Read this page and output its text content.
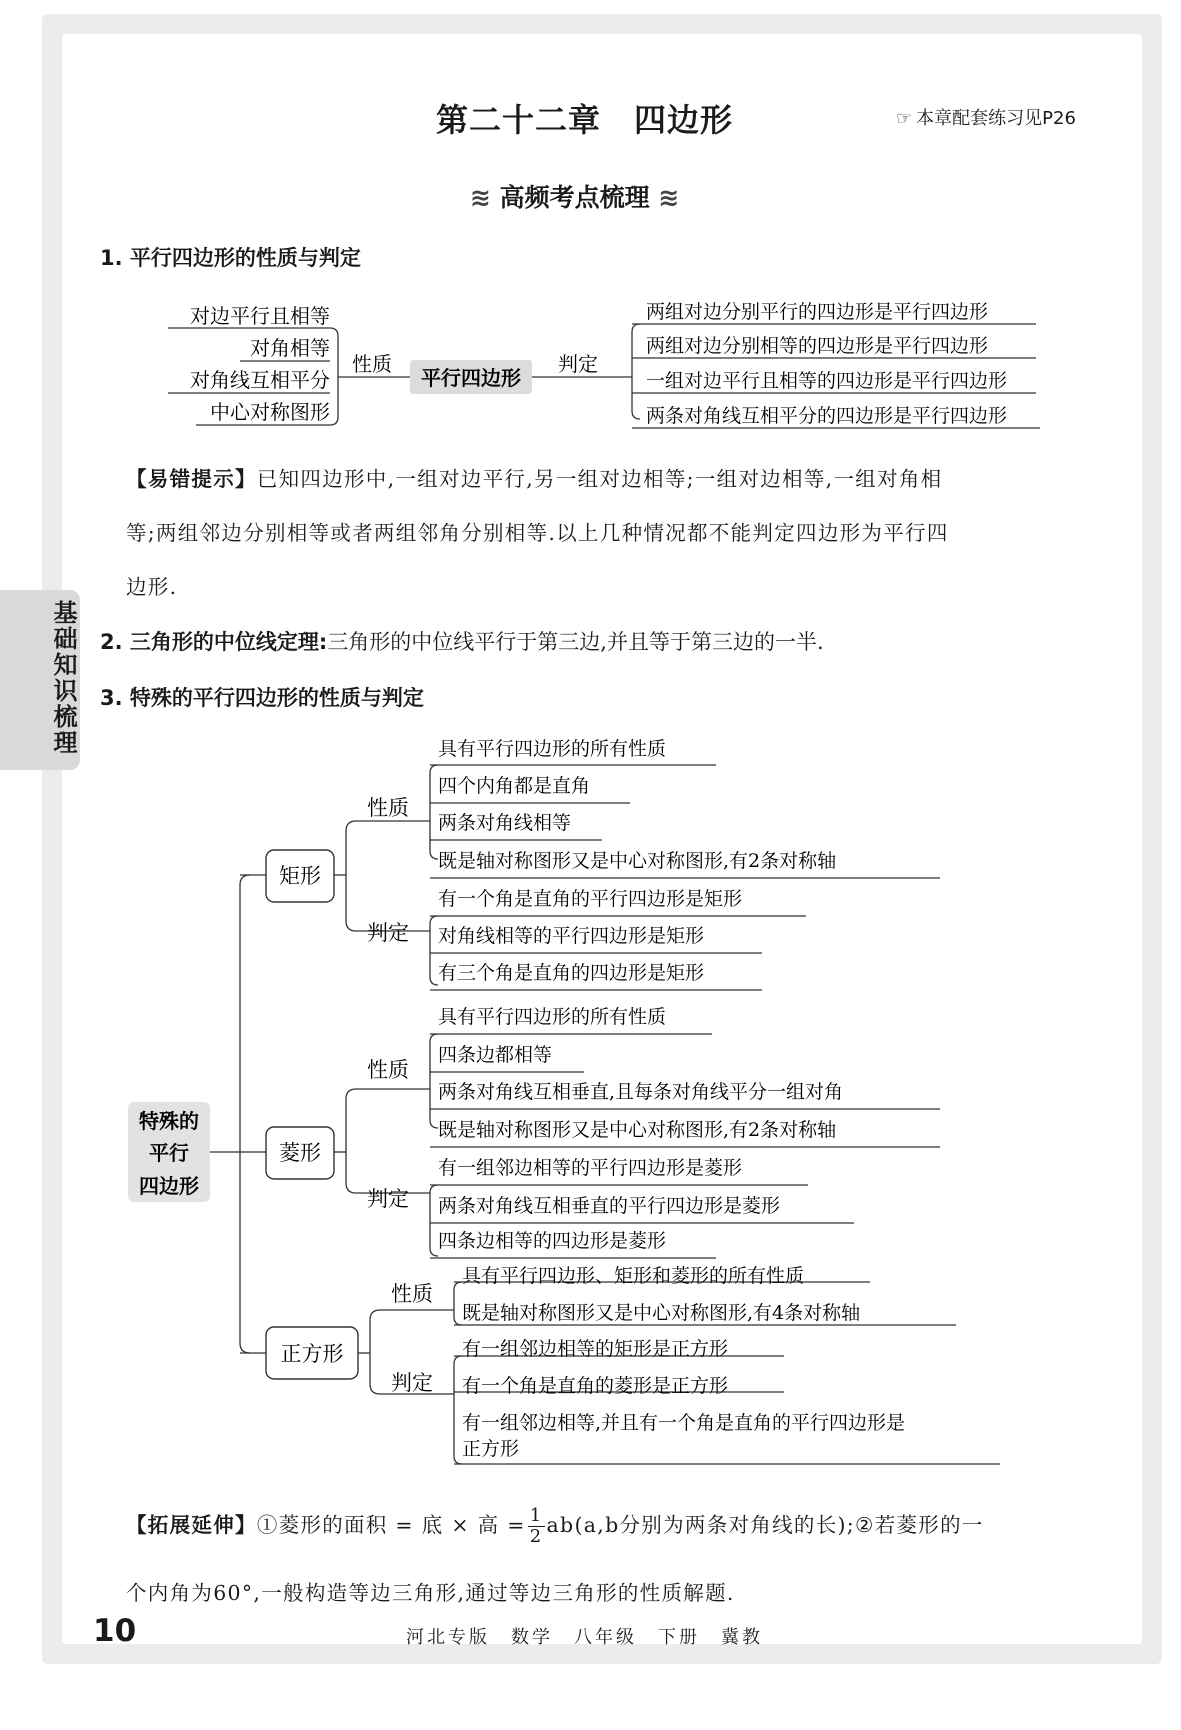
第二十二章　四边形	☞ 本章配套练习见P26
≋ 高频考点梳理 ≋
1. 平行四边形的性质与判定
【易错提示】已知四边形中,一组对边平行,另一组对边相等;一组对边相等,一组对角相
等;两组邻边分别相等或者两组邻角分别相等.以上几种情况都不能判定四边形为平行四
边形.
2. 三角形的中位线定理:三角形的中位线平行于第三边,并且等于第三边的一半.
3. 特殊的平行四边形的性质与判定
平行四边形
性质	判定
对边平行且相等
对角相等
对角线互相平分
中心对称图形
两组对边分别平行的四边形是平行四边形
两组对边分别相等的四边形是平行四边形
一组对边平行且相等的四边形是平行四边形
两条对角线互相平分的四边形是平行四边形
特殊的
平行
四边形
矩形
性质
判定
具有平行四边形的所有性质
四个内角都是直角
两条对角线相等
既是轴对称图形又是中心对称图形,有2条对称轴
有一个角是直角的平行四边形是矩形
对角线相等的平行四边形是矩形
有三个角是直角的四边形是矩形
菱形
性质
判定
具有平行四边形的所有性质
四条边都相等
两条对角线互相垂直,且每条对角线平分一组对角
既是轴对称图形又是中心对称图形,有2条对称轴
有一组邻边相等的平行四边形是菱形
两条对角线互相垂直的平行四边形是菱形
四条边相等的四边形是菱形
正方形
性质
判定
具有平行四边形、矩形和菱形的所有性质
既是轴对称图形又是中心对称图形,有4条对称轴
有一组邻边相等的矩形是正方形
有一个角是直角的菱形是正方形
有一组邻边相等,并且有一个角是直角的平行四边形是
正方形
【拓展延伸】①菱形的面积 = 底 × 高 = $\frac{1}{2} ab(a,b$分别为两条对角线的长);②若菱形的一
个内角为60°,一般构造等边三角形,通过等边三角形的性质解题.
基础知识梳理
10	河北专版　数学　八年级　下册　冀教
